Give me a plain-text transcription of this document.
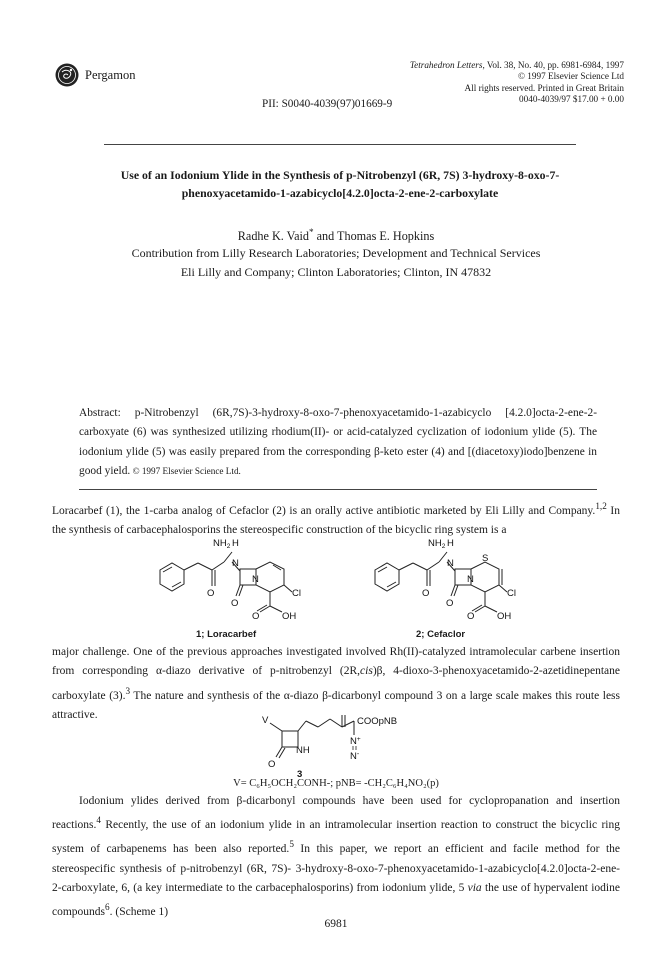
Pergamon
Tetrahedron Letters, Vol. 38, No. 40, pp. 6981-6984, 1997
© 1997 Elsevier Science Ltd
All rights reserved. Printed in Great Britain
0040-4039/97 $17.00 + 0.00
PII: S0040-4039(97)01669-9
Use of an Iodonium Ylide in the Synthesis of p-Nitrobenzyl (6R, 7S) 3-hydroxy-8-oxo-7-
phenoxyacetamido-1-azabicyclo[4.2.0]octa-2-ene-2-carboxylate
Radhe K. Vaid* and Thomas E. Hopkins
Contribution from Lilly Research Laboratories; Development and Technical Services
Eli Lilly and Company; Clinton Laboratories; Clinton, IN 47832
Abstract: p-Nitrobenzyl (6R,7S)-3-hydroxy-8-oxo-7-phenoxyacetamido-1-azabicyclo [4.2.0]octa-2-ene-2-carboxyate (6) was synthesized utilizing rhodium(II)- or acid-catalyzed cyclization of iodonium ylide (5). The iodonium ylide (5) was easily prepared from the corresponding β-keto ester (4) and [(diacetoxy)iodo]benzene in good yield. © 1997 Elsevier Science Ltd.
Loracarbef (1), the 1-carba analog of Cefaclor (2) is an orally active antibiotic marketed by Eli Lilly and Company.$^{1,2}$ In the synthesis of carbacephalosporins the stereospecific construction of the bicyclic ring system is a
$NH_2$ H
N
N
Cl
O
O
O OH
$NH_2$ H
N	S
N
Cl
O
O
O OH
1; Loracarbef	2; Cefaclor
major challenge. One of the previous approaches investigated involved Rh(II)-catalyzed intramolecular carbene insertion from corresponding α-diazo derivative of p-nitrobenzyl (2R,cis)β, 4-dioxo-3-phenoxyacetamido-2-azetidinepentane carboxylate (3).$^3$ The nature and synthesis of the α-diazo β-dicarbonyl compound 3 on a large scale makes this route less attractive.	V
NH
O
COOpNB
N+
N-
3
V= C₆H₅OCH₂CONH-; pNB= -CH₂C₆H₄NO₂(p)
Iodonium ylides derived from β-dicarbonyl compounds have been used for cyclopropanation and insertion reactions.$^4$ Recently, the use of an iodonium ylide in an intramolecular insertion reaction to construct the bicyclic ring system of carbapenems has been also reported.$^5$ In this paper, we report an efficient and facile method for the stereospecific synthesis of p-nitrobenzyl (6R, 7S)- 3-hydroxy-8-oxo-7-phenoxyacetamido-1-azabicyclo[4.2.0]octa-2-ene-2-carboxylate, 6, (a key intermediate to the carbacephalosporins) from iodonium ylide, 5 via the use of hypervalent iodine compounds$^6$. (Scheme 1)
6981
